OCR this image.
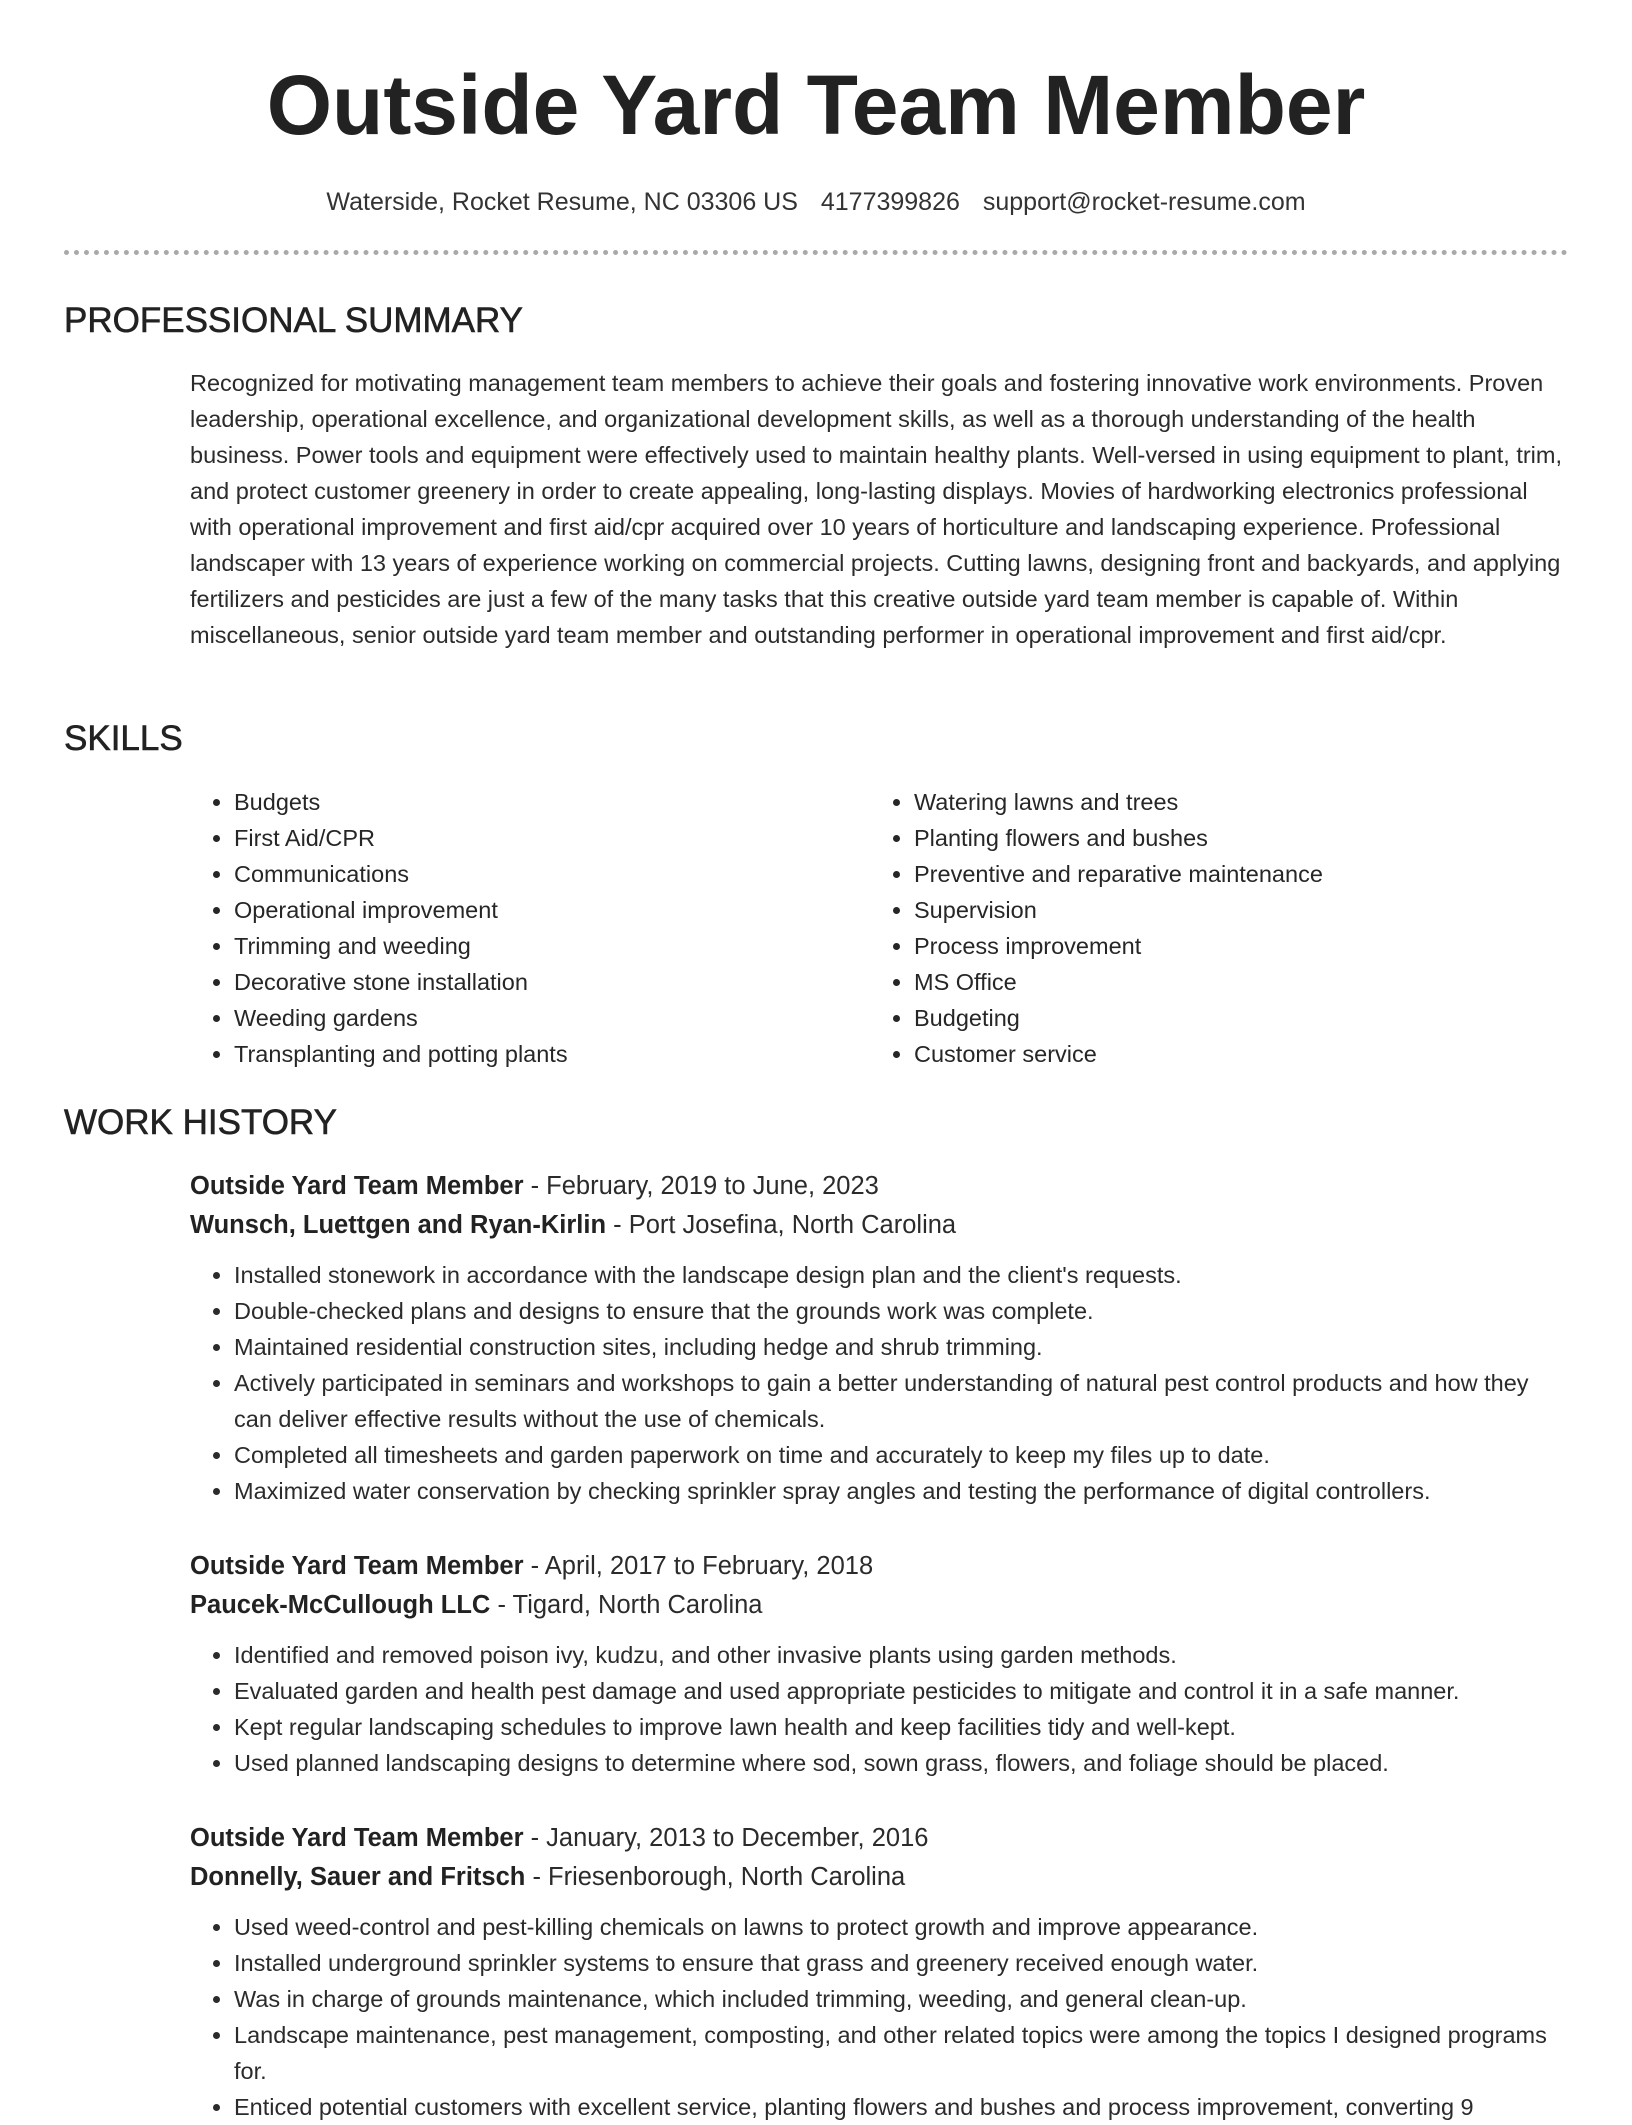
Outside Yard Team Member
Waterside, Rocket Resume, NC 03306 US 4177399826 support@rocket-resume.com
PROFESSIONAL SUMMARY

Recognized for motivating management team members to achieve their goals and fostering innovative work environments. Proven leadership, operational excellence, and organizational development skills, as well as a thorough understanding of the health business. Power tools and equipment were effectively used to maintain healthy plants. Well-versed in using equipment to plant, trim, and protect customer greenery in order to create appealing, long-lasting displays. Movies of hardworking electronics professional with operational improvement and first aid/cpr acquired over 10 years of horticulture and landscaping experience. Professional landscaper with 13 years of experience working on commercial projects. Cutting lawns, designing front and backyards, and applying fertilizers and pesticides are just a few of the many tasks that this creative outside yard team member is capable of. Within miscellaneous, senior outside yard team member and outstanding performer in operational improvement and first aid/cpr.

SKILLS
• Budgets
• First Aid/CPR
• Communications
• Operational improvement
• Trimming and weeding
• Decorative stone installation
• Weeding gardens
• Transplanting and potting plants
• Watering lawns and trees
• Planting flowers and bushes
• Preventive and reparative maintenance
• Supervision
• Process improvement
• MS Office
• Budgeting
• Customer service
WORK HISTORY
Outside Yard Team Member - February, 2019 to June, 2023
Wunsch, Luettgen and Ryan-Kirlin - Port Josefina, North Carolina
• Installed stonework in accordance with the landscape design plan and the client's requests.
• Double-checked plans and designs to ensure that the grounds work was complete.
• Maintained residential construction sites, including hedge and shrub trimming.
• Actively participated in seminars and workshops to gain a better understanding of natural pest control products and how they can deliver effective results without the use of chemicals.
• Completed all timesheets and garden paperwork on time and accurately to keep my files up to date.
• Maximized water conservation by checking sprinkler spray angles and testing the performance of digital controllers.
Outside Yard Team Member - April, 2017 to February, 2018
Paucek-McCullough LLC - Tigard, North Carolina
• Identified and removed poison ivy, kudzu, and other invasive plants using garden methods.
• Evaluated garden and health pest damage and used appropriate pesticides to mitigate and control it in a safe manner.
• Kept regular landscaping schedules to improve lawn health and keep facilities tidy and well-kept.
• Used planned landscaping designs to determine where sod, sown grass, flowers, and foliage should be placed.
Outside Yard Team Member - January, 2013 to December, 2016
Donnelly, Sauer and Fritsch - Friesenborough, North Carolina
• Used weed-control and pest-killing chemicals on lawns to protect growth and improve appearance.
• Installed underground sprinkler systems to ensure that grass and greenery received enough water.
• Was in charge of grounds maintenance, which included trimming, weeding, and general clean-up.
• Landscape maintenance, pest management, composting, and other related topics were among the topics I designed programs for.
• Enticed potential customers with excellent service, planting flowers and bushes and process improvement, converting 9
